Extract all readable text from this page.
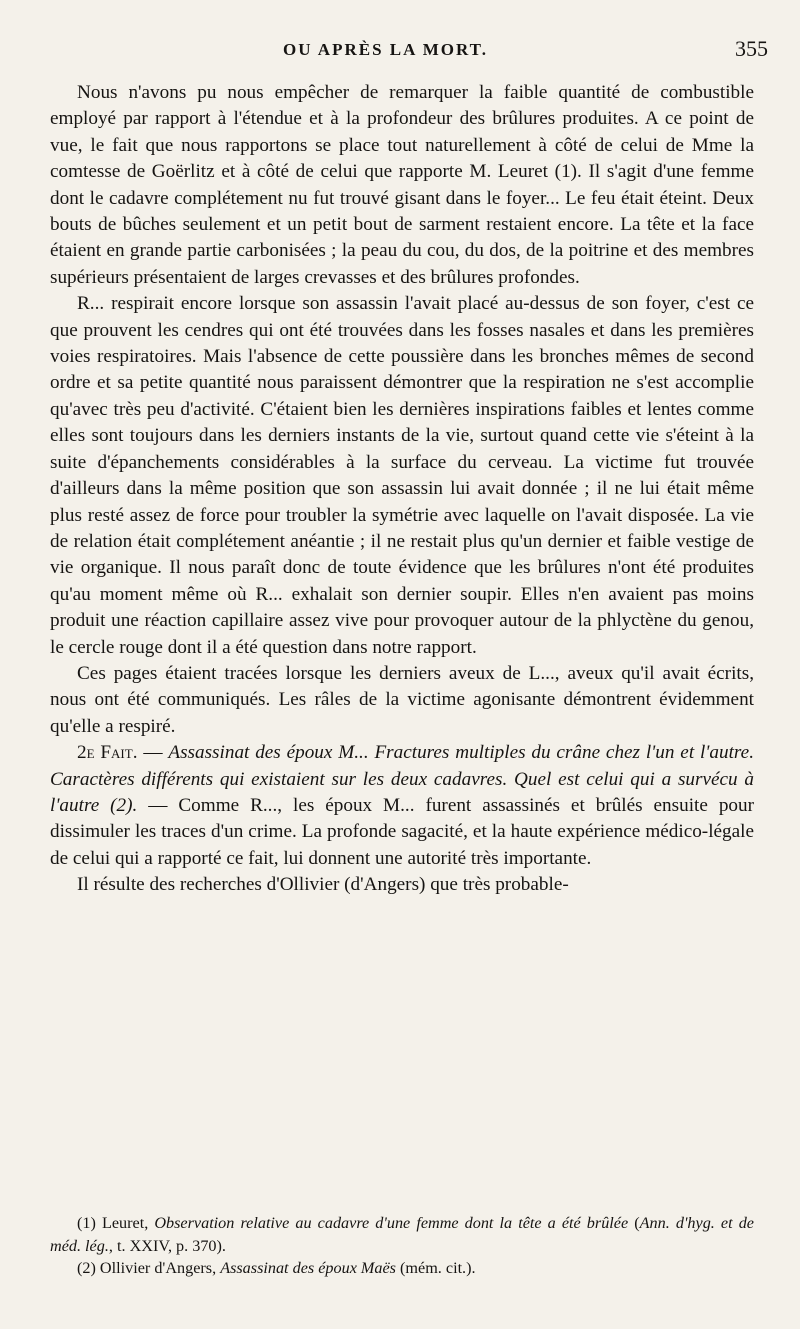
OU APRÈS LA MORT.	355

Nous n'avons pu nous empêcher de remarquer la faible quantité de combustible employé par rapport à l'étendue et à la profondeur des brûlures produites. A ce point de vue, le fait que nous rapportons se place tout naturellement à côté de celui de Mme la comtesse de Goërlitz et à côté de celui que rapporte M. Leuret (1). Il s'agit d'une femme dont le cadavre complétement nu fut trouvé gisant dans le foyer... Le feu était éteint. Deux bouts de bûches seulement et un petit bout de sarment restaient encore. La tête et la face étaient en grande partie carbonisées ; la peau du cou, du dos, de la poitrine et des membres supérieurs présentaient de larges crevasses et des brûlures profondes.

R... respirait encore lorsque son assassin l'avait placé au-dessus de son foyer, c'est ce que prouvent les cendres qui ont été trouvées dans les fosses nasales et dans les premières voies respiratoires. Mais l'absence de cette poussière dans les bronches mêmes de second ordre et sa petite quantité nous paraissent démontrer que la respiration ne s'est accomplie qu'avec très peu d'activité. C'étaient bien les dernières inspirations faibles et lentes comme elles sont toujours dans les derniers instants de la vie, surtout quand cette vie s'éteint à la suite d'épanchements considérables à la surface du cerveau. La victime fut trouvée d'ailleurs dans la même position que son assassin lui avait donnée ; il ne lui était même plus resté assez de force pour troubler la symétrie avec laquelle on l'avait disposée. La vie de relation était complétement anéantie ; il ne restait plus qu'un dernier et faible vestige de vie organique. Il nous paraît donc de toute évidence que les brûlures n'ont été produites qu'au moment même où R... exhalait son dernier soupir. Elles n'en avaient pas moins produit une réaction capillaire assez vive pour provoquer autour de la phlyctène du genou, le cercle rouge dont il a été question dans notre rapport.

Ces pages étaient tracées lorsque les derniers aveux de L..., aveux qu'il avait écrits, nous ont été communiqués. Les râles de la victime agonisante démontrent évidemment qu'elle a respiré.

2e Fait. — Assassinat des époux M... Fractures multiples du crâne chez l'un et l'autre. Caractères différents qui existaient sur les deux cadavres. Quel est celui qui a survécu à l'autre (2). — Comme R..., les époux M... furent assassinés et brûlés ensuite pour dissimuler les traces d'un crime. La profonde sagacité, et la haute expérience médico-légale de celui qui a rapporté ce fait, lui donnent une autorité très importante.

Il résulte des recherches d'Ollivier (d'Angers) que très probable-

(1) Leuret, Observation relative au cadavre d'une femme dont la tête a été brûlée (Ann. d'hyg. et de méd. lég., t. XXIV, p. 370).

(2) Ollivier d'Angers, Assassinat des époux Maës (mém. cit.).
